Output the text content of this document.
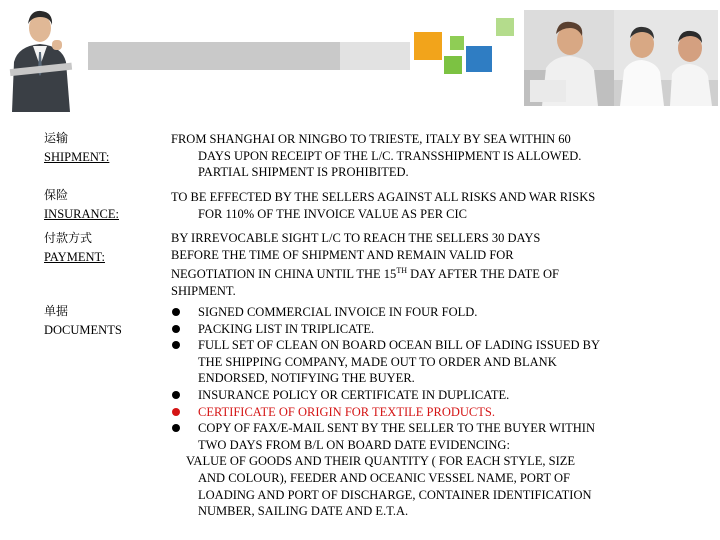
运输
SHIPMENT:
FROM SHANGHAI OR NINGBO TO TRIESTE, ITALY BY SEA WITHIN 60
DAYS UPON RECEIPT OF THE L/C. TRANSSHIPMENT IS ALLOWED.
PARTIAL SHIPMENT IS PROHIBITED.
保险
INSURANCE:
TO BE EFFECTED BY THE SELLERS AGAINST ALL RISKS AND WAR RISKS
FOR 110% OF THE INVOICE VALUE AS PER CIC
付款方式
PAYMENT:
BY IRREVOCABLE SIGHT L/C TO REACH THE SELLERS 30 DAYS
BEFORE THE TIME OF SHIPMENT AND REMAIN VALID FOR
NEGOTIATION IN CHINA UNTIL THE 15TH DAY AFTER THE DATE OF
SHIPMENT.
单据
DOCUMENTS
SIGNED COMMERCIAL INVOICE IN FOUR FOLD.
PACKING LIST IN TRIPLICATE.
FULL SET OF CLEAN ON BOARD OCEAN BILL OF LADING ISSUED BY
THE SHIPPING COMPANY, MADE OUT TO ORDER AND BLANK
ENDORSED, NOTIFYING THE BUYER.
INSURANCE POLICY OR CERTIFICATE IN DUPLICATE.
CERTIFICATE OF ORIGIN FOR TEXTILE PRODUCTS.
COPY OF FAX/E-MAIL SENT BY THE SELLER TO THE BUYER WITHIN
TWO DAYS FROM B/L ON BOARD DATE EVIDENCING:
VALUE OF GOODS AND THEIR QUANTITY ( FOR EACH STYLE, SIZE
AND COLOUR), FEEDER AND OCEANIC VESSEL NAME, PORT OF
LOADING AND PORT OF DISCHARGE, CONTAINER IDENTIFICATION
NUMBER, SAILING DATE AND E.T.A.
